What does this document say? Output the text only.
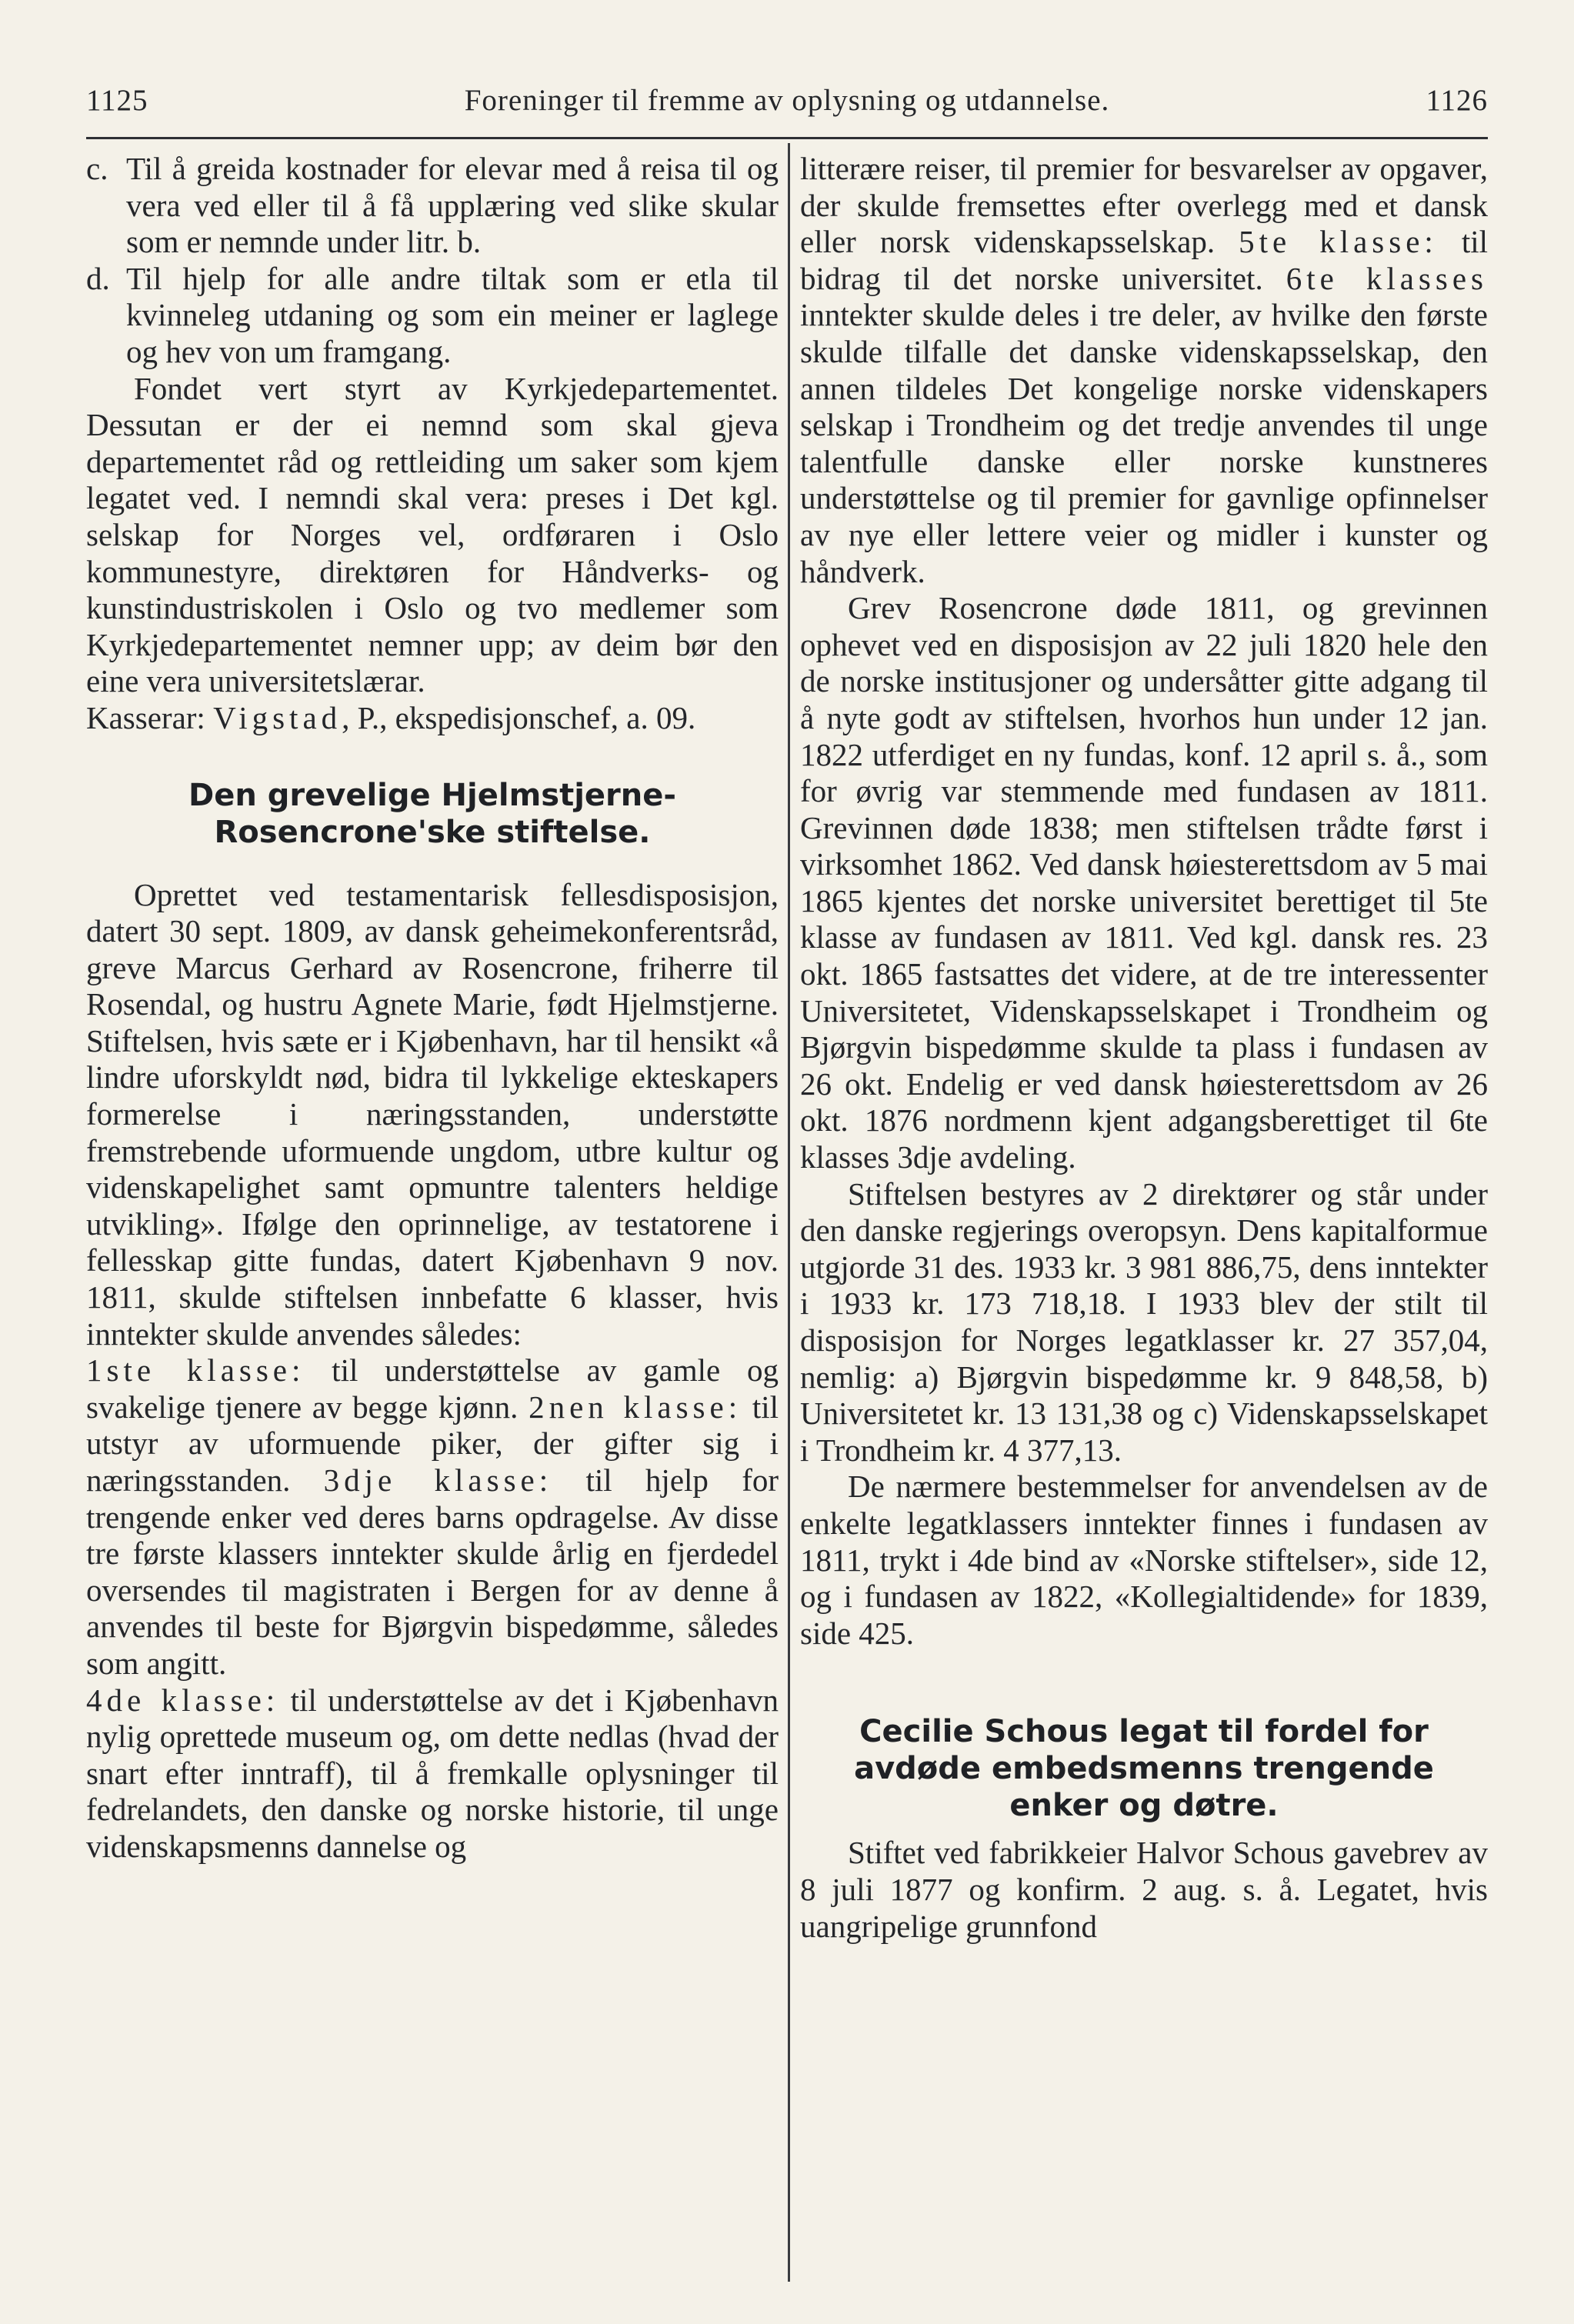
1125	Foreninger til fremme av oplysning og utdannelse.	1126
c. Til å greida kostnader for elevar med å reisa til og vera ved eller til å få upplæring ved slike skular som er nemnde under litr. b.
d. Til hjelp for alle andre tiltak som er etla til kvinneleg utdaning og som ein meiner er laglege og hev von um framgang.

Fondet vert styrt av Kyrkjedepartementet. Dessutan er der ei nemnd som skal gjeva departementet råd og rettleiding um saker som kjem legatet ved. I nemndi skal vera: preses i Det kgl. selskap for Norges vel, ordføraren i Oslo kommunestyre, direktøren for Håndverks- og kunstindustriskolen i Oslo og tvo medlemer som Kyrkjedepartementet nemner upp; av deim bør den eine vera universitetslærar.

Kasserar: Vigstad, P., ekspedisjonschef, a. 09.

Den grevelige Hjelmstjerne-Rosencrone'ske stiftelse.

Oprettet ved testamentarisk fellesdisposisjon, datert 30 sept. 1809, av dansk geheimekonferentsråd, greve Marcus Gerhard av Rosencrone, friherre til Rosendal, og hustru Agnete Marie, født Hjelmstjerne. Stiftelsen, hvis sæte er i Kjøbenhavn, har til hensikt «å lindre uforskyldt nød, bidra til lykkelige ekteskapers formerelse i næringsstanden, understøtte fremstrebende uformuende ungdom, utbre kultur og videnskapelighet samt opmuntre talenters heldige utvikling». Ifølge den oprinnelige, av testatorene i fellesskap gitte fundas, datert Kjøbenhavn 9 nov. 1811, skulde stiftelsen innbefatte 6 klasser, hvis inntekter skulde anvendes således:

1ste klasse: til understøttelse av gamle og svakelige tjenere av begge kjønn. 2nen klasse: til utstyr av uformuende piker, der gifter sig i næringsstanden. 3dje klasse: til hjelp for trengende enker ved deres barns opdragelse. Av disse tre første klassers inntekter skulde årlig en fjerdedel oversendes til magistraten i Bergen for av denne å anvendes til beste for Bjørgvin bispedømme, således som angitt.

4de klasse: til understøttelse av det i Kjøbenhavn nylig oprettede museum og, om dette nedlas (hvad der snart efter inntraff), til å fremkalle oplysninger til fedrelandets, den danske og norske historie, til unge videnskapsmenns dannelse og

litterære reiser, til premier for besvarelser av opgaver, der skulde fremsettes efter overlegg med et dansk eller norsk videnskapsselskap. 5te klasse: til bidrag til det norske universitet. 6te klasses inntekter skulde deles i tre deler, av hvilke den første skulde tilfalle det danske videnskapsselskap, den annen tildeles Det kongelige norske videnskapers selskap i Trondheim og det tredje anvendes til unge talentfulle danske eller norske kunstneres understøttelse og til premier for gavnlige opfinnelser av nye eller lettere veier og midler i kunster og håndverk.

Grev Rosencrone døde 1811, og grevinnen ophevet ved en disposisjon av 22 juli 1820 hele den de norske institusjoner og undersåtter gitte adgang til å nyte godt av stiftelsen, hvorhos hun under 12 jan. 1822 utferdiget en ny fundas, konf. 12 april s. å., som for øvrig var stemmende med fundasen av 1811. Grevinnen døde 1838; men stiftelsen trådte først i virksomhet 1862. Ved dansk høiesterettsdom av 5 mai 1865 kjentes det norske universitet berettiget til 5te klasse av fundasen av 1811. Ved kgl. dansk res. 23 okt. 1865 fastsattes det videre, at de tre interessenter Universitetet, Videnskapsselskapet i Trondheim og Bjørgvin bispedømme skulde ta plass i fundasen av 26 okt. Endelig er ved dansk høiesterettsdom av 26 okt. 1876 nordmenn kjent adgangsberettiget til 6te klasses 3dje avdeling.

Stiftelsen bestyres av 2 direktører og står under den danske regjerings overopsyn. Dens kapitalformue utgjorde 31 des. 1933 kr. 3 981 886,75, dens inntekter i 1933 kr. 173 718,18. I 1933 blev der stilt til disposisjon for Norges legatklasser kr. 27 357,04, nemlig: a) Bjørgvin bispedømme kr. 9 848,58, b) Universitetet kr. 13 131,38 og c) Videnskapsselskapet i Trondheim kr. 4 377,13.

De nærmere bestemmelser for anvendelsen av de enkelte legatklassers inntekter finnes i fundasen av 1811, trykt i 4de bind av «Norske stiftelser», side 12, og i fundasen av 1822, «Kollegialtidende» for 1839, side 425.

Cecilie Schous legat til fordel for avdøde embedsmenns trengende enker og døtre.

Stiftet ved fabrikkeier Halvor Schous gavebrev av 8 juli 1877 og konfirm. 2 aug. s. å. Legatet, hvis uangripelige grunnfond
